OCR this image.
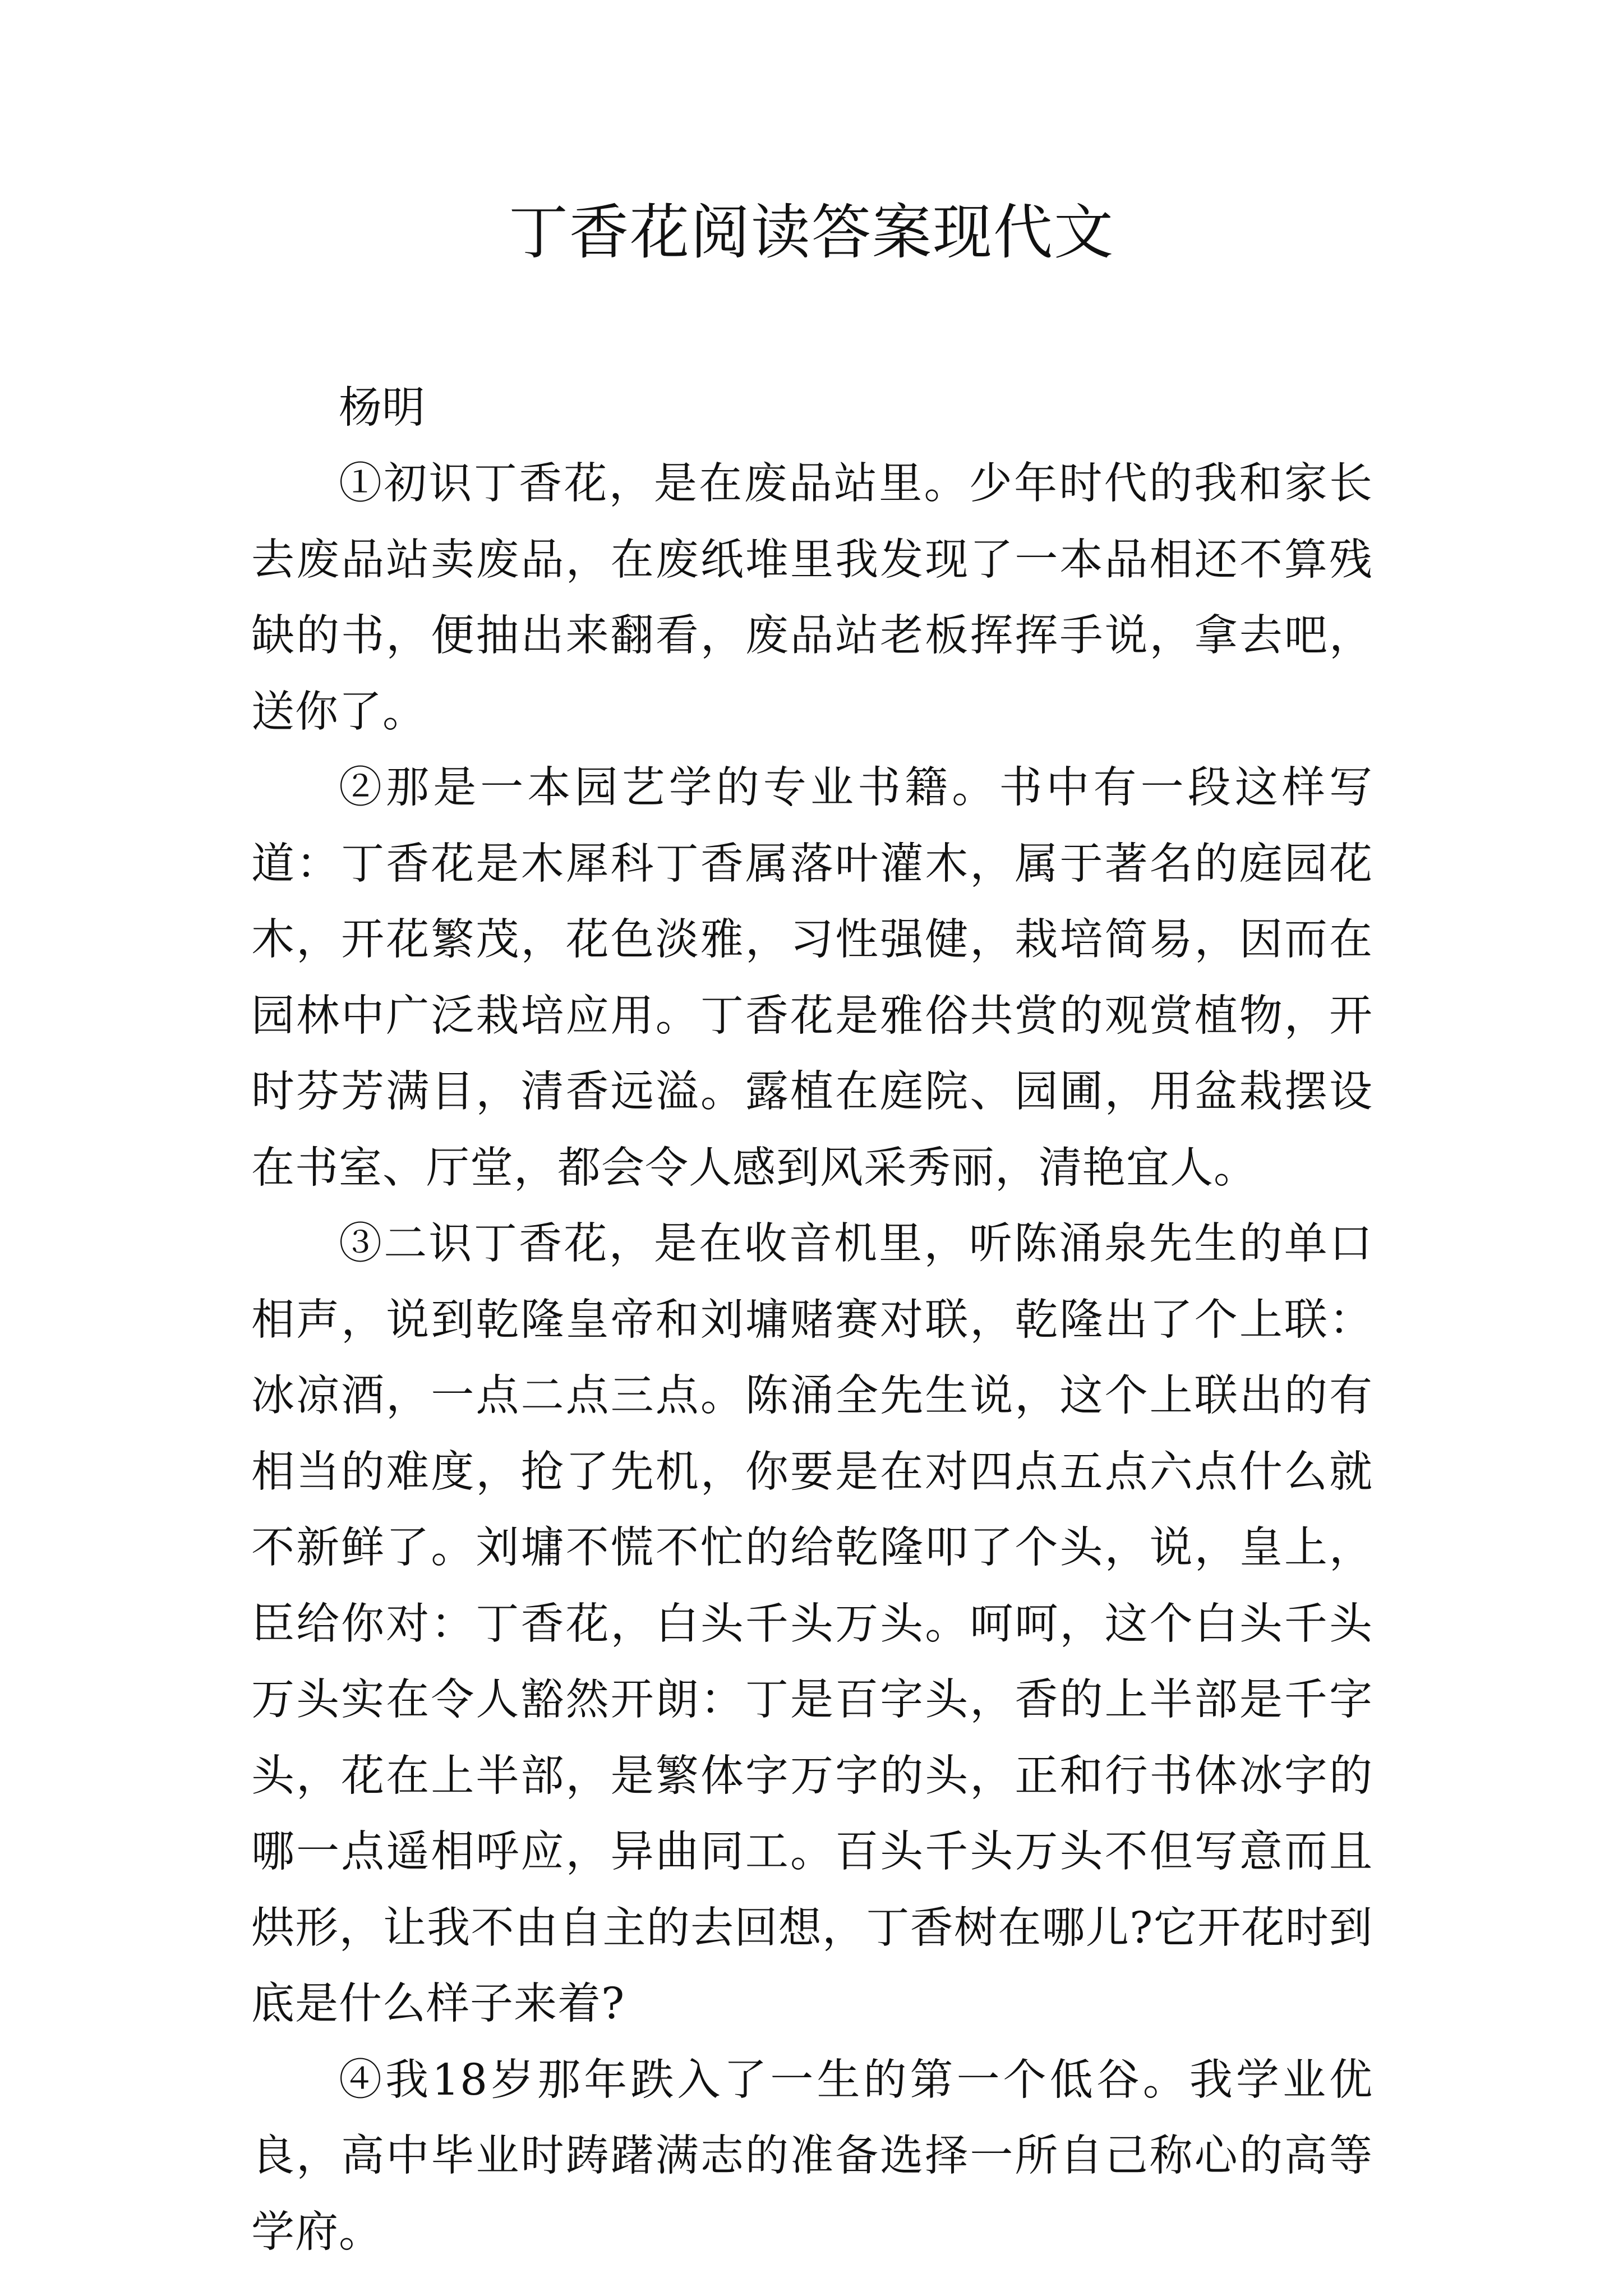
丁香花阅读答案现代文

杨明

①初识丁香花，是在废品站里。少年时代的我和家长去废品站卖废品，在废纸堆里我发现了一本品相还不算残缺的书，便抽出来翻看，废品站老板挥挥手说，拿去吧，送你了。

②那是一本园艺学的专业书籍。书中有一段这样写道：丁香花是木犀科丁香属落叶灌木，属于著名的庭园花木，开花繁茂，花色淡雅，习性强健，栽培简易，因而在园林中广泛栽培应用。丁香花是雅俗共赏的观赏植物，开时芬芳满目，清香远溢。露植在庭院、园圃，用盆栽摆设在书室、厅堂，都会令人感到风采秀丽，清艳宜人。

③二识丁香花，是在收音机里，听陈涌泉先生的单口相声，说到乾隆皇帝和刘墉赌赛对联，乾隆出了个上联：冰凉酒，一点二点三点。陈涌全先生说，这个上联出的有相当的难度，抢了先机，你要是在对四点五点六点什么就不新鲜了。刘墉不慌不忙的给乾隆叩了个头，说，皇上，臣给你对：丁香花，白头千头万头。呵呵，这个白头千头万头实在令人豁然开朗：丁是百字头，香的上半部是千字头，花在上半部，是繁体字万字的头，正和行书体冰字的哪一点遥相呼应，异曲同工。百头千头万头不但写意而且烘形，让我不由自主的去回想，丁香树在哪儿?它开花时到底是什么样子来着?

④我18岁那年跌入了一生的第一个低谷。我学业优良，高中毕业时踌躇满志的准备选择一所自己称心的高等学府。
